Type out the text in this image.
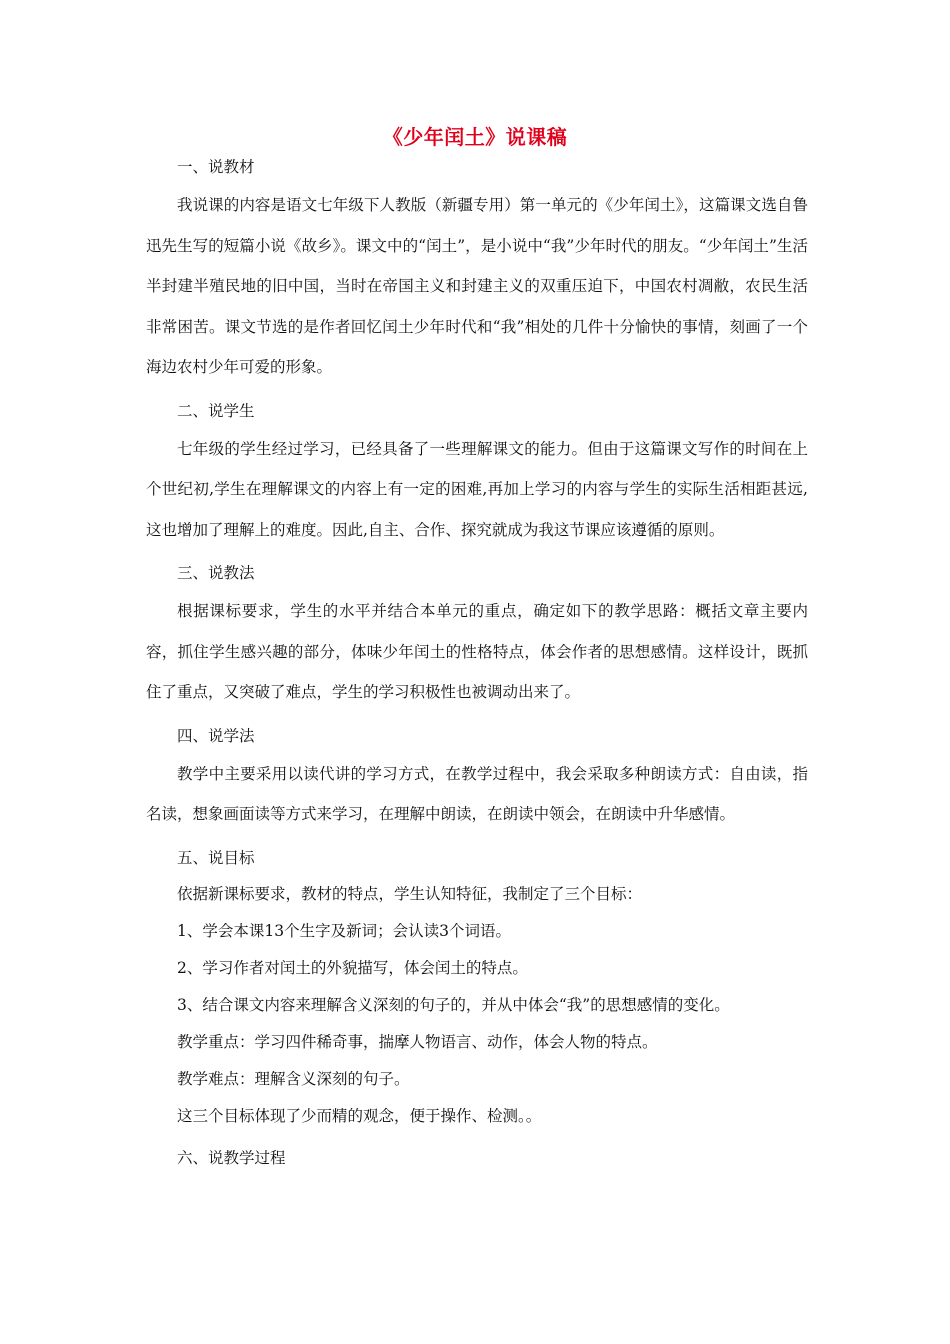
《少年闰土》说课稿

一、说教材

我说课的内容是语文七年级下人教版（新疆专用）第一单元的《少年闰土》，这篇课文选自鲁迅先生写的短篇小说《故乡》。课文中的“闰土”，是小说中“我”少年时代的朋友。“少年闰土”生活半封建半殖民地的旧中国，当时在帝国主义和封建主义的双重压迫下，中国农村凋敝，农民生活非常困苦。课文节选的是作者回忆闰土少年时代和“我”相处的几件十分愉快的事情，刻画了一个海边农村少年可爱的形象。

二、说学生

七年级的学生经过学习，已经具备了一些理解课文的能力。但由于这篇课文写作的时间在上个世纪初,学生在理解课文的内容上有一定的困难,再加上学习的内容与学生的实际生活相距甚远,这也增加了理解上的难度。因此,自主、合作、探究就成为我这节课应该遵循的原则。

三、说教法

根据课标要求，学生的水平并结合本单元的重点，确定如下的教学思路：概括文章主要内容，抓住学生感兴趣的部分，体味少年闰土的性格特点，体会作者的思想感情。这样设计，既抓住了重点，又突破了难点，学生的学习积极性也被调动出来了。

四、说学法

教学中主要采用以读代讲的学习方式，在教学过程中，我会采取多种朗读方式：自由读，指名读，想象画面读等方式来学习，在理解中朗读，在朗读中领会，在朗读中升华感情。

五、说目标

依据新课标要求，教材的特点，学生认知特征，我制定了三个目标：

1、学会本课13个生字及新词；会认读3个词语。

2、学习作者对闰土的外貌描写，体会闰土的特点。

3、结合课文内容来理解含义深刻的句子的，并从中体会“我”的思想感情的变化。

教学重点：学习四件稀奇事，揣摩人物语言、动作，体会人物的特点。

教学难点：理解含义深刻的句子。

这三个目标体现了少而精的观念，便于操作、检测。。

六、说教学过程
